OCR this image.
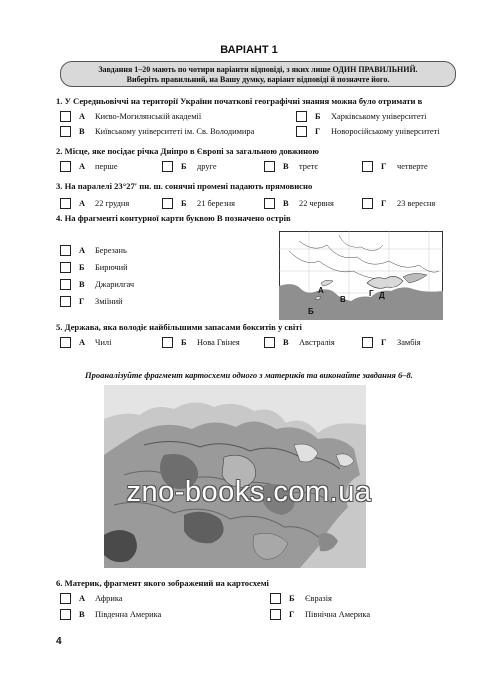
ВАРІАНТ 1
Завдання 1–20 мають по чотири варіанти відповіді, з яких лише ОДИН ПРАВИЛЬНИЙ.
Виберіть правильний, на Вашу думку, варіант відповіді й позначте його.
1. У Середньовіччі на території України початкові географічні знання можна було отримати в
А	Києво-Могилянській академії	Б	Харківському університеті
В	Київському університеті ім. Св. Володимира	Г	Новоросійському університеті
2. Місце, яке посідає річка Дніпро в Європі за загальною довжиною
А	перше	Б	друге	В	третє	Г	четверте
3. На паралелі 23°27′ пн. ш. сонячні промені падають прямовисно
А	22 грудня	Б	21 березня	В	22 червня	Г	23 вересня
4. На фрагменті контурної карти буквою В позначено острів
А	Березань
Б	Бирючий
В	Джарилгач
Г	Зміїний
А
В
Б
Г Д
5. Держава, яка володіє найбільшими запасами бокситів у світі
А	Чилі	Б	Нова Гвінея	В	Австралія	Г	Замбія
Проаналізуйте фрагмент картосхеми одного з материків та виконайте завдання 6–8.
zno-books.com.ua
6. Материк, фрагмент якого зображений на картосхемі
А	Африка	Б	Євразія
В	Південна Америка	Г	Північна Америка
4
